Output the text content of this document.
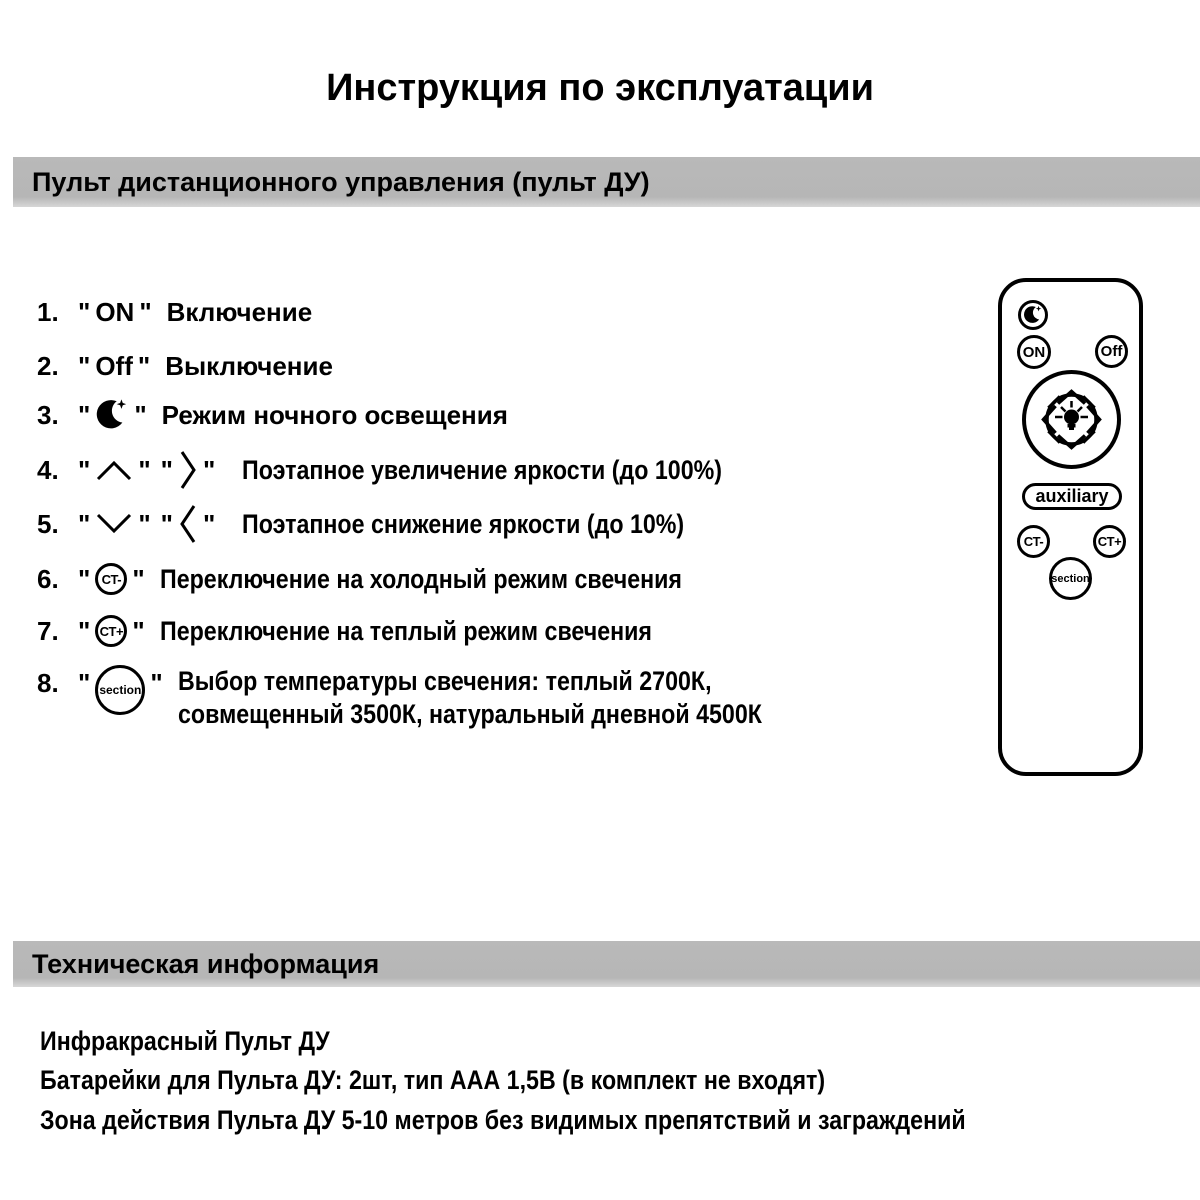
Инструкция по эксплуатации
Пульт дистанционного управления (пульт ДУ)
1. " ON " Включение
2. " Off " Выключение
3. " " Режим ночного освещения
4. " " " " Поэтапное увеличение яркости (до 100%)
5. " " " " Поэтапное снижение яркости (до 10%)
6. " CT- " Переключение на холодный режим свечения
7. " CT+ " Переключение на теплый режим свечения
8. " section " Выбор температуры свечения: теплый 2700К,
совмещенный 3500К, натуральный дневной 4500К
ON	Off
auxiliary
CT-	CT+
section
Техническая информация
Инфракрасный Пульт ДУ
Батарейки для Пульта ДУ: 2шт, тип ААА 1,5В (в комплект не входят)
Зона действия Пульта ДУ 5-10 метров без видимых препятствий и заграждений
